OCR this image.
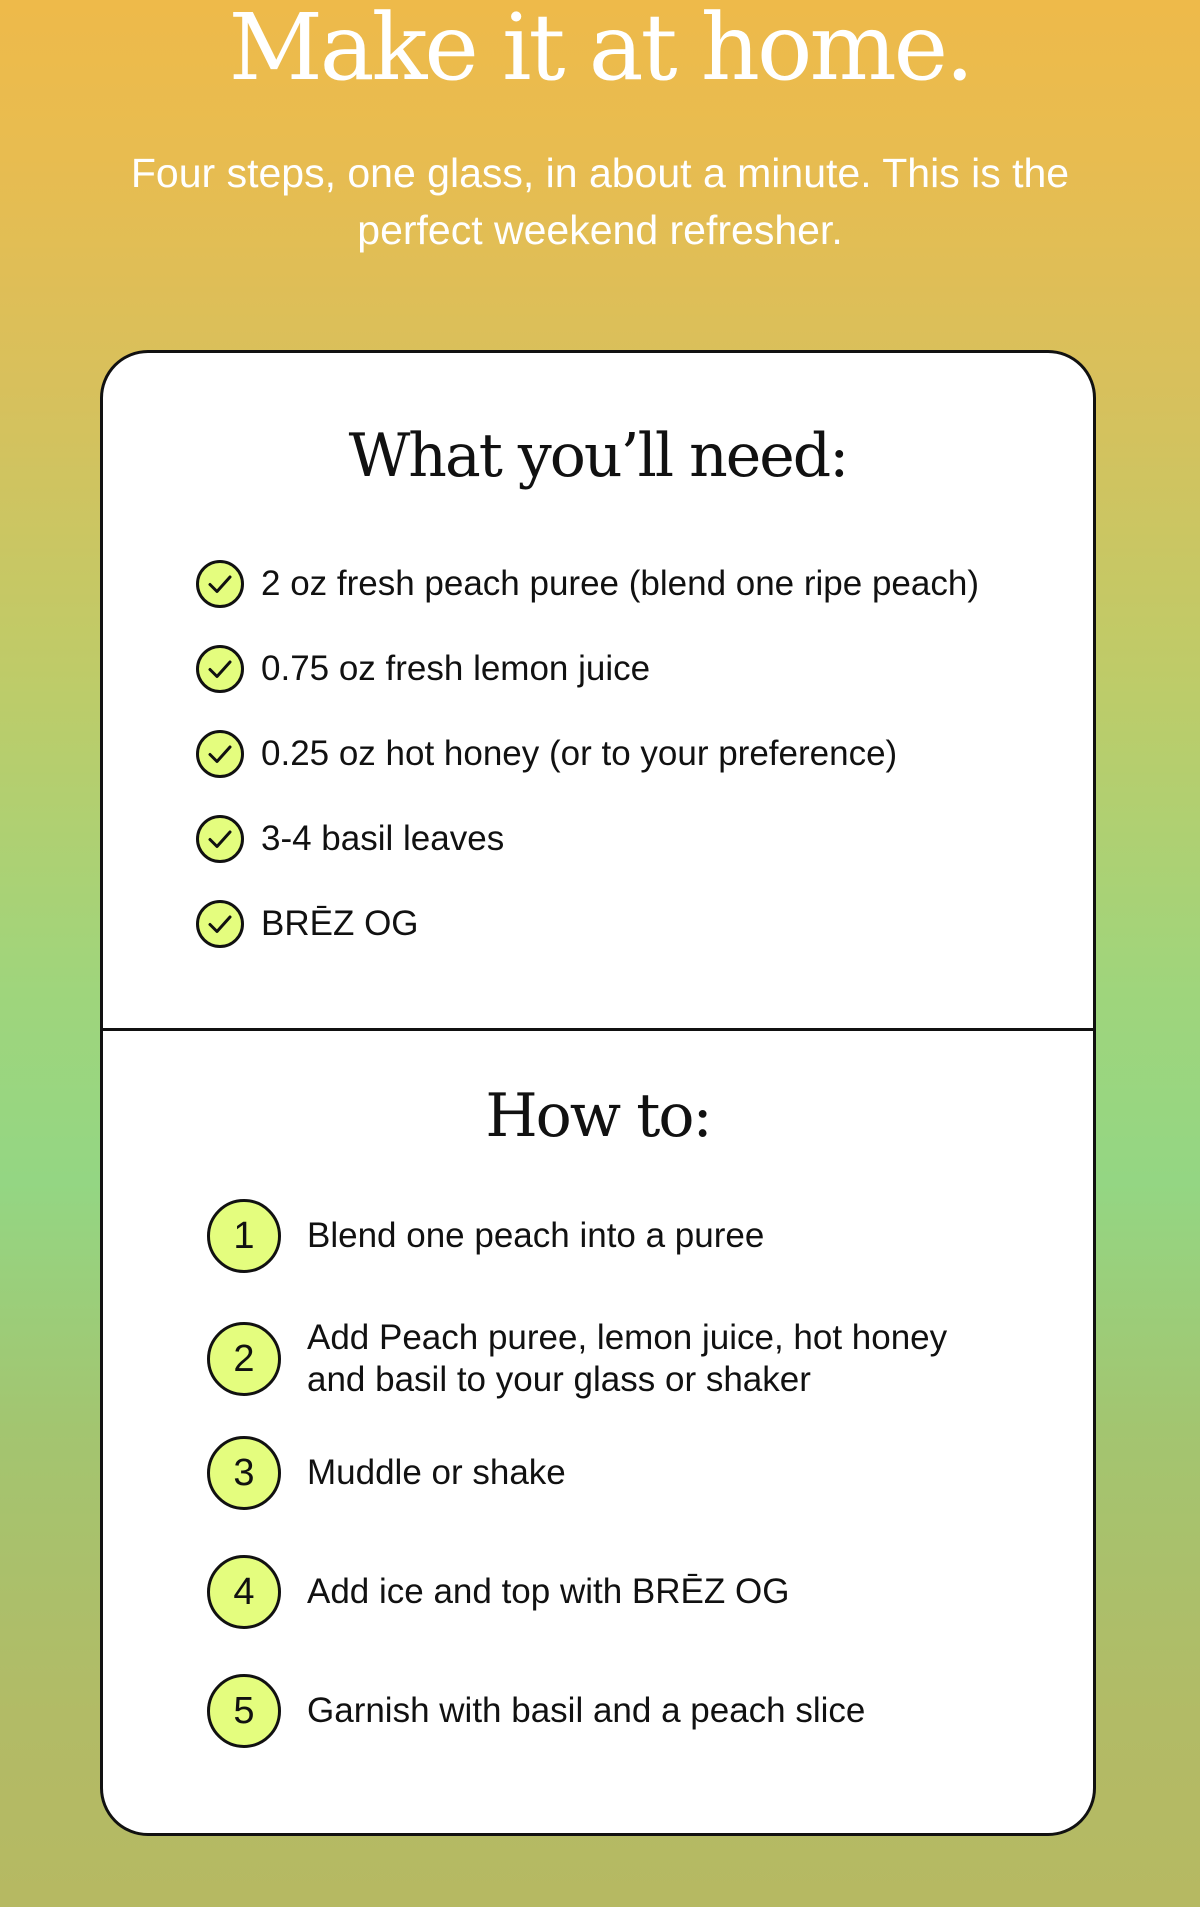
Make it at home.

Four steps, one glass, in about a minute. This is the perfect weekend refresher.

What you’ll need:
2 oz fresh peach puree (blend one ripe peach)
0.75 oz fresh lemon juice
0.25 oz hot honey (or to your preference)
3-4 basil leaves
BRĒZ OG
How to:
1	Blend one peach into a puree
2	Add Peach puree, lemon juice, hot honey and basil to your glass or shaker
3	Muddle or shake
4	Add ice and top with BRĒZ OG
5	Garnish with basil and a peach slice
